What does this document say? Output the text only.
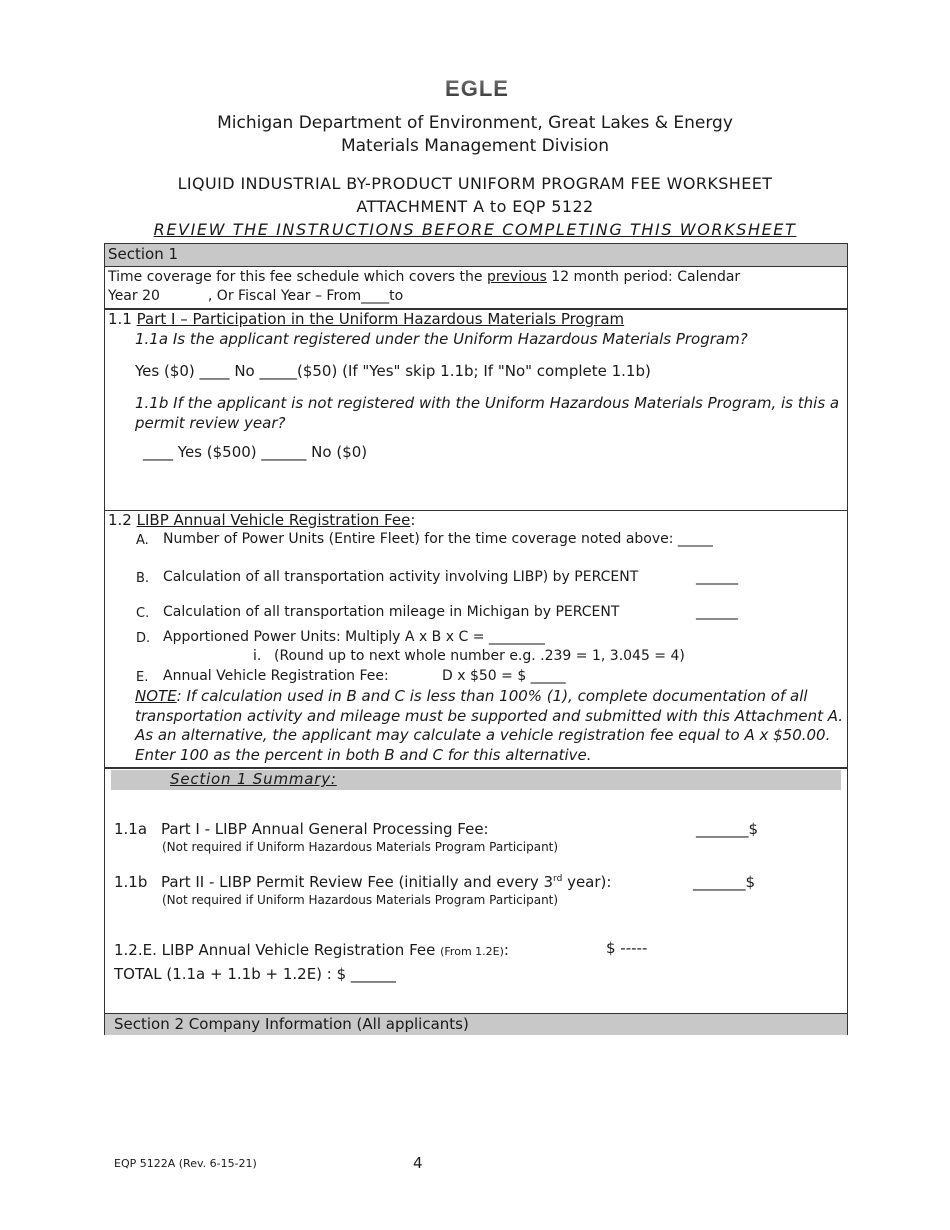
EGLE
Michigan Department of Environment, Great Lakes & Energy
Materials Management Division
LIQUID INDUSTRIAL BY-PRODUCT UNIFORM PROGRAM FEE WORKSHEET
ATTACHMENT A to EQP 5122
REVIEW THE INSTRUCTIONS BEFORE COMPLETING THIS WORKSHEET
Section 1
Time coverage for this fee schedule which covers the previous 12 month period: Calendar
Year 20	, Or Fiscal Year – From____to
1.1 Part I – Participation in the Uniform Hazardous Materials Program
1.1a Is the applicant registered under the Uniform Hazardous Materials Program?
Yes ($0) ____ No _____($50) (If "Yes" skip 1.1b; If "No" complete 1.1b)
1.1b If the applicant is not registered with the Uniform Hazardous Materials Program, is this a permit review year?
____ Yes ($500) ______ No ($0)
1.2 LIBP Annual Vehicle Registration Fee:
A. Number of Power Units (Entire Fleet) for the time coverage noted above: _____
B. Calculation of all transportation activity involving LIBP) by PERCENT	______
C. Calculation of all transportation mileage in Michigan by PERCENT	______
D. Apportioned Power Units: Multiply A x B x C = ________
i. (Round up to next whole number e.g. .239 = 1, 3.045 = 4)
E. Annual Vehicle Registration Fee:	D x $50 = $ _____
NOTE: If calculation used in B and C is less than 100% (1), complete documentation of all transportation activity and mileage must be supported and submitted with this Attachment A. As an alternative, the applicant may calculate a vehicle registration fee equal to A x $50.00. Enter 100 as the percent in both B and C for this alternative.
Section 1 Summary:
1.1a Part I - LIBP Annual General Processing Fee:
(Not required if Uniform Hazardous Materials Program Participant)
_______$
1.1b Part II - LIBP Permit Review Fee (initially and every 3rd year):
(Not required if Uniform Hazardous Materials Program Participant)
_______$
1.2.E. LIBP Annual Vehicle Registration Fee (From 1.2E):	$ -----
TOTAL (1.1a + 1.1b + 1.2E) : $ ______
Section 2 Company Information (All applicants)
EQP 5122A (Rev. 6-15-21)	4
